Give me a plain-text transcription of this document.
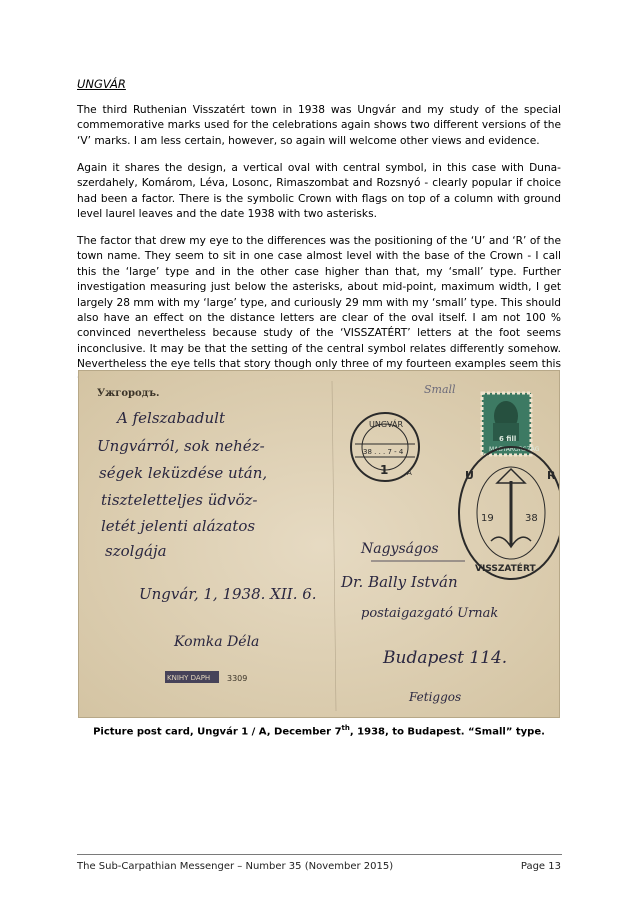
UNGVÁR

The third Ruthenian Visszatért town in 1938 was Ungvár and my study of the special commemorative marks used for the celebrations again shows two different versions of the ‘V’ marks. I am less certain, however, so again will welcome other views and evidence.

Again it shares the design, a vertical oval with central symbol, in this case with Duna-szerdahely, Komárom, Léva, Losonc, Rimaszombat and Rozsnyó - clearly popular if choice had been a factor. There is the symbolic Crown with flags on top of a column with ground level laurel leaves and the date 1938 with two asterisks.

The factor that drew my eye to the differences was the positioning of the ‘U’ and ‘R’ of the town name. They seem to sit in one case almost level with the base of the Crown - I call this the ‘large’ type and in the other case higher than that, my ‘small’ type. Further investigation measuring just below the asterisks, about mid-point, maximum width, I get largely 28 mm with my ‘large’ type, and curiously 29 mm with my ‘small’ type. This should also have an effect on the distance letters are clear of the oval itself. I am not 100 % convinced nevertheless because study of the ‘VISSZATÉRT’ letters at the foot seems inconclusive. It may be that the setting of the central symbol relates differently somehow. Nevertheless the eye tells that story though only three of my fourteen examples seem this

Ужгородъ.
A felszabadult
Ungvárról, sok nehéz-
ségek leküzdése után,
tiszteletteljes üdvöz-
letét jelenti alázatos
szolgája
Ungvár, 1, 1938. XII. 6.
Komka Déla
KNIHY DAPH 3309
Small
UNGVÁR
38 . . . 7 - 4
1	A
MAGYARORSZÁG
6 fill
19	38
U	R
VISSZATÉRT
Nagyságos
Dr. Bally István
postaigazgató Urnak
Budapest 114.
Fetiggos
Picture post card, Ungvár 1 / A, December 7th, 1938, to Budapest. “Small” type.
The Sub-Carpathian Messenger – Number 35 (November 2015)	Page 13
